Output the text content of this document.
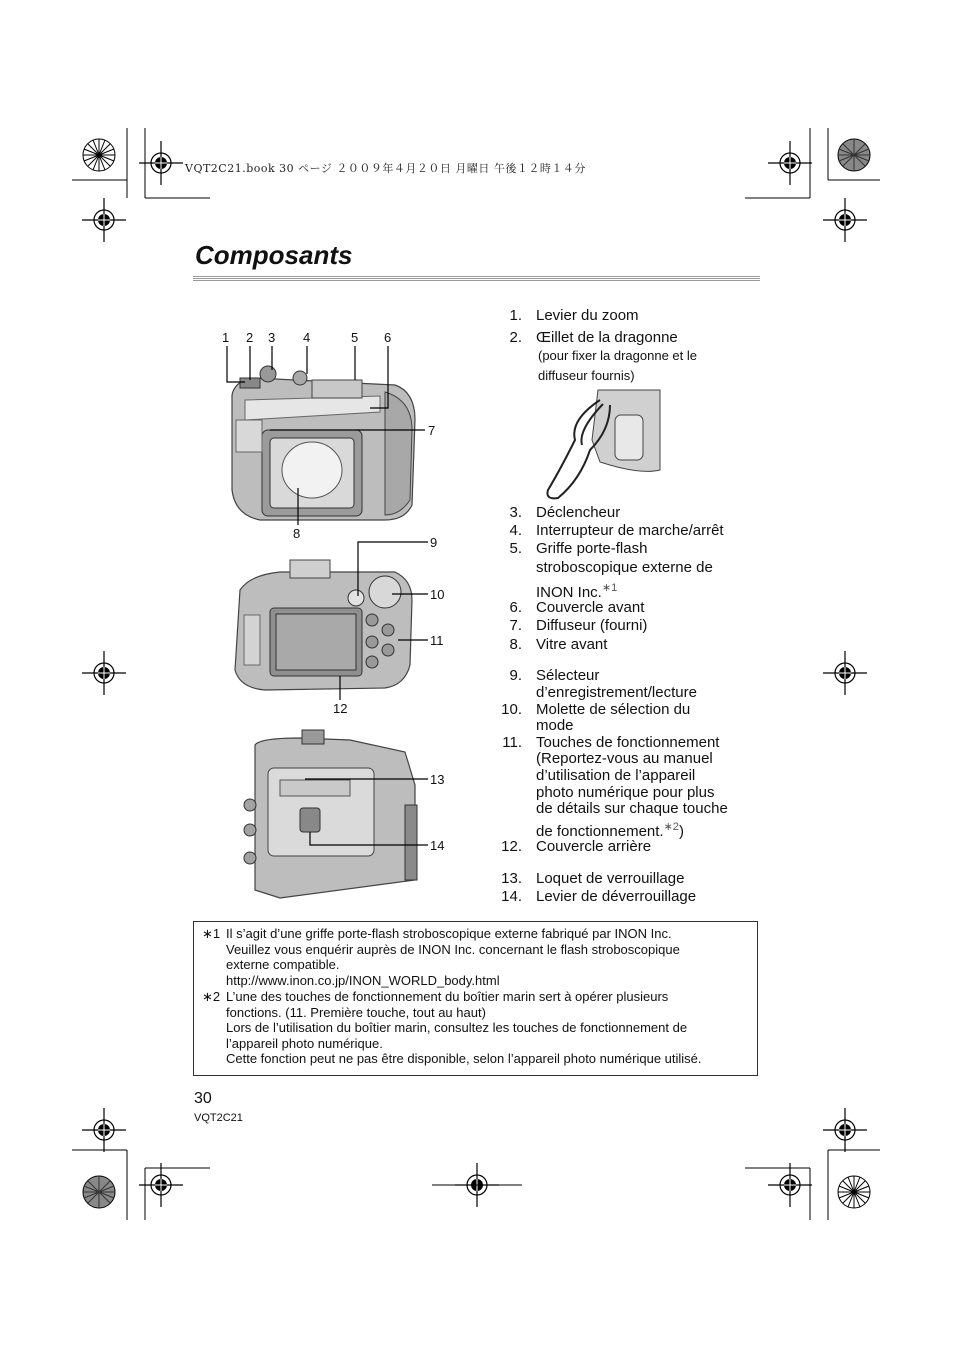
VQT2C21.book 30 ページ ２００９年４月２０日 月曜日 午後１２時１４分
Composants
1 2 3 4	5 6
7
8
9
10
11
12
13
14
1. Levier du zoom
2. Œillet de la dragonne
(pour fixer la dragonne et le
diffuseur fournis)
3. Déclencheur
4. Interrupteur de marche/arrêt
5. Griffe porte-flash
stroboscopique externe de
INON Inc.$^{∗1}$
6. Couvercle avant
7. Diffuseur (fourni)
8. Vitre avant
9. Sélecteur
d’enregistrement/lecture
10. Molette de sélection du
mode
11. Touches de fonctionnement
(Reportez-vous au manuel
d’utilisation de l’appareil
photo numérique pour plus
de détails sur chaque touche
de fonctionnement.$^{∗2}$)
12. Couvercle arrière
13. Loquet de verrouillage
14. Levier de déverrouillage
∗1 Il s’agit d’une griffe porte-flash stroboscopique externe fabriqué par INON Inc.
Veuillez vous enquérir auprès de INON Inc. concernant le flash stroboscopique
externe compatible.
http://www.inon.co.jp/INON_WORLD_body.html
∗2 L’une des touches de fonctionnement du boîtier marin sert à opérer plusieurs
fonctions. (11. Première touche, tout au haut)
Lors de l’utilisation du boîtier marin, consultez les touches de fonctionnement de
l’appareil photo numérique.
Cette fonction peut ne pas être disponible, selon l’appareil photo numérique utilisé.
30
VQT2C21
